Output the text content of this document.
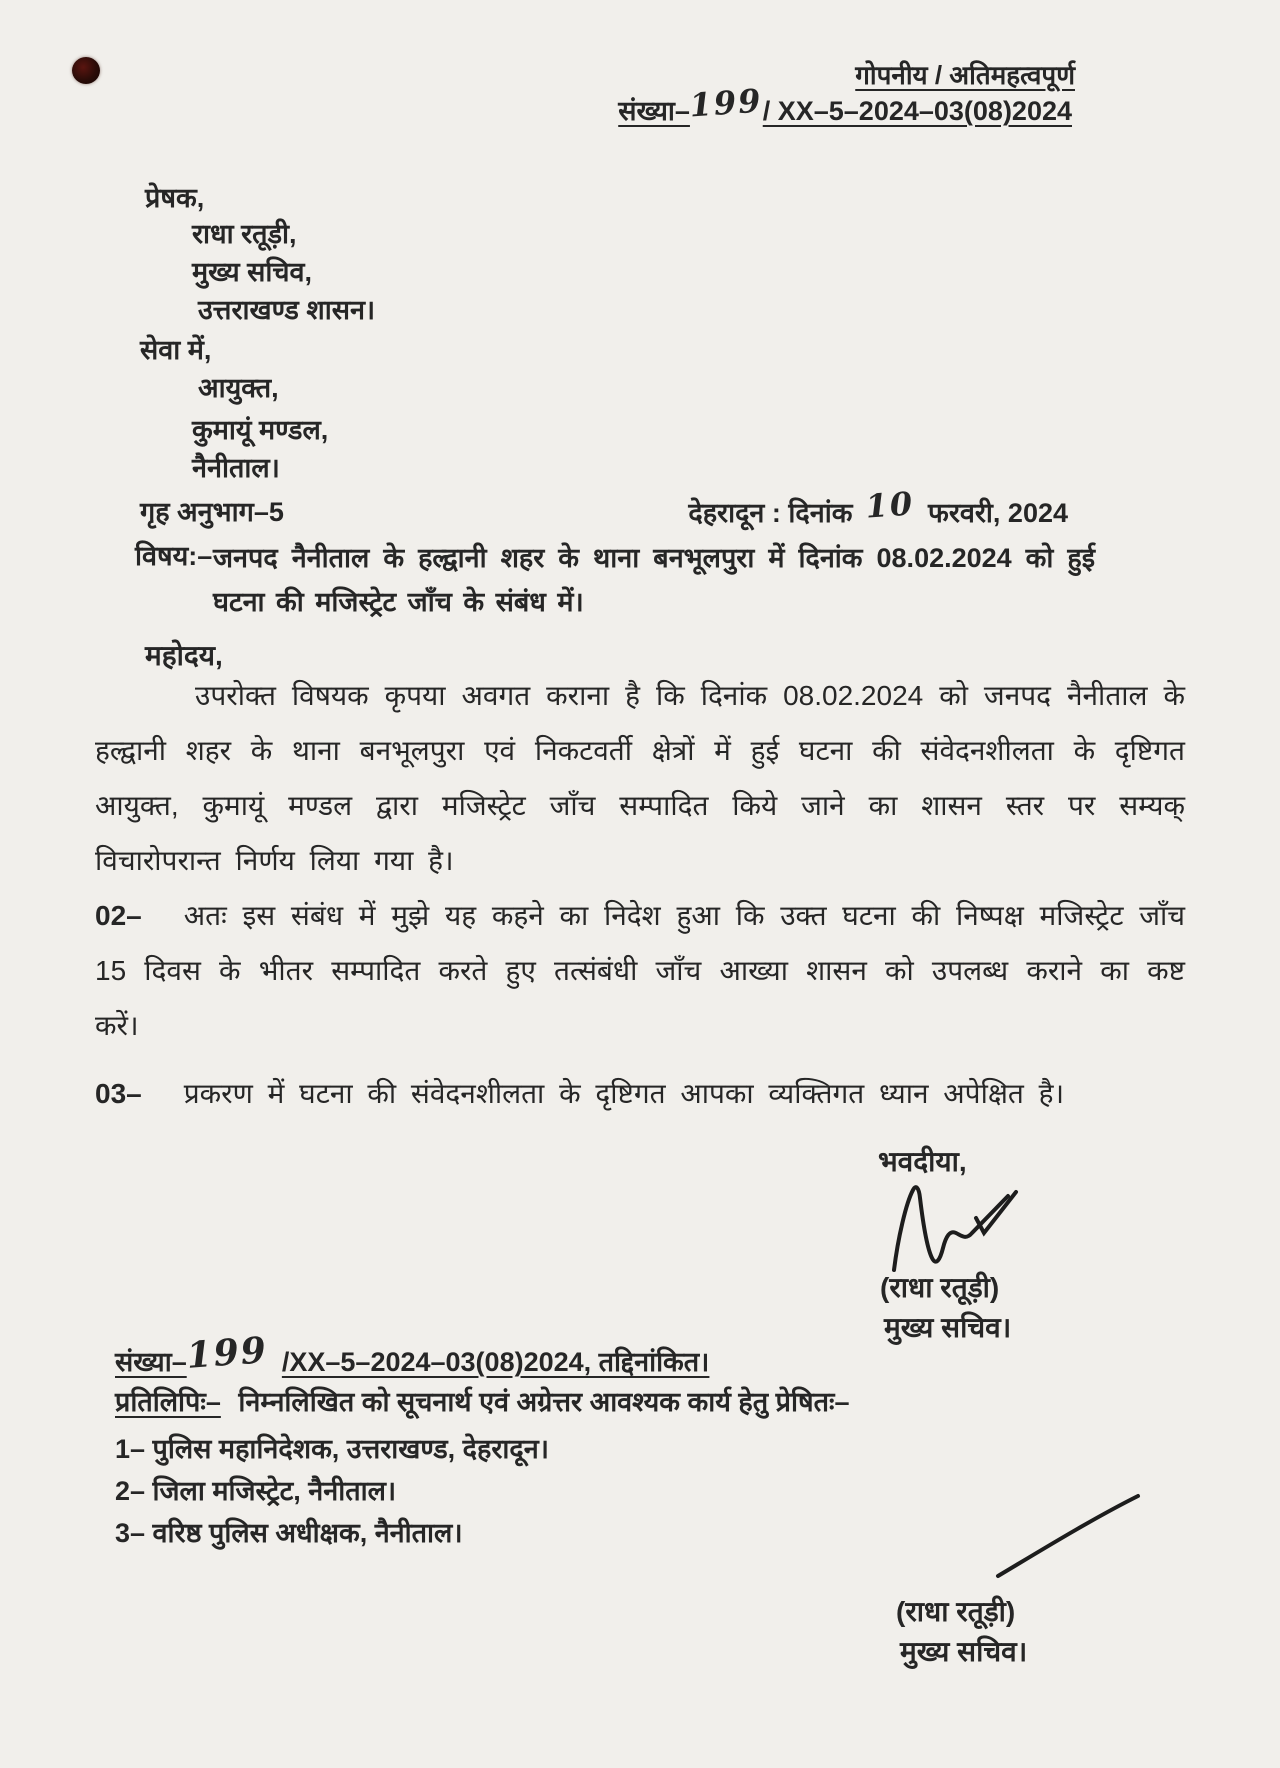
गोपनीय / अतिमहत्वपूर्ण
संख्या–199/ XX–5–2024–03(08)2024
प्रेषक,
राधा रतूड़ी,
मुख्य सचिव,
उत्तराखण्ड शासन।
सेवा में,
आयुक्त,
कुमायूं मण्डल,
नैनीताल।
गृह अनुभाग–5	देहरादून : दिनांक 10 फरवरी, 2024
विषय:– जनपद नैनीताल के हल्द्वानी शहर के थाना बनभूलपुरा में दिनांक 08.02.2024 को हुई घटना की मजिस्ट्रेट जाँच के संबंध में।
महोदय,

उपरोक्त विषयक कृपया अवगत कराना है कि दिनांक 08.02.2024 को जनपद नैनीताल के हल्द्वानी शहर के थाना बनभूलपुरा एवं निकटवर्ती क्षेत्रों में हुई घटना की संवेदनशीलता के दृष्टिगत आयुक्त, कुमायूं मण्डल द्वारा मजिस्ट्रेट जाँच सम्पादित किये जाने का शासन स्तर पर सम्यक् विचारोपरान्त निर्णय लिया गया है।

02– अतः इस संबंध में मुझे यह कहने का निदेश हुआ कि उक्त घटना की निष्पक्ष मजिस्ट्रेट जाँच 15 दिवस के भीतर सम्पादित करते हुए तत्संबंधी जाँच आख्या शासन को उपलब्ध कराने का कष्ट करें।

03– प्रकरण में घटना की संवेदनशीलता के दृष्टिगत आपका व्यक्तिगत ध्यान अपेक्षित है।

भवदीया,
(राधा रतूड़ी)
मुख्य सचिव।
संख्या–199 /XX–5–2024–03(08)2024, तद्दिनांकित।
प्रतिलिपिः– निम्नलिखित को सूचनार्थ एवं अग्रेत्तर आवश्यक कार्य हेतु प्रेषितः–
1– पुलिस महानिदेशक, उत्तराखण्ड, देहरादून।
2– जिला मजिस्ट्रेट, नैनीताल।
3– वरिष्ठ पुलिस अधीक्षक, नैनीताल।
(राधा रतूड़ी)
मुख्य सचिव।
